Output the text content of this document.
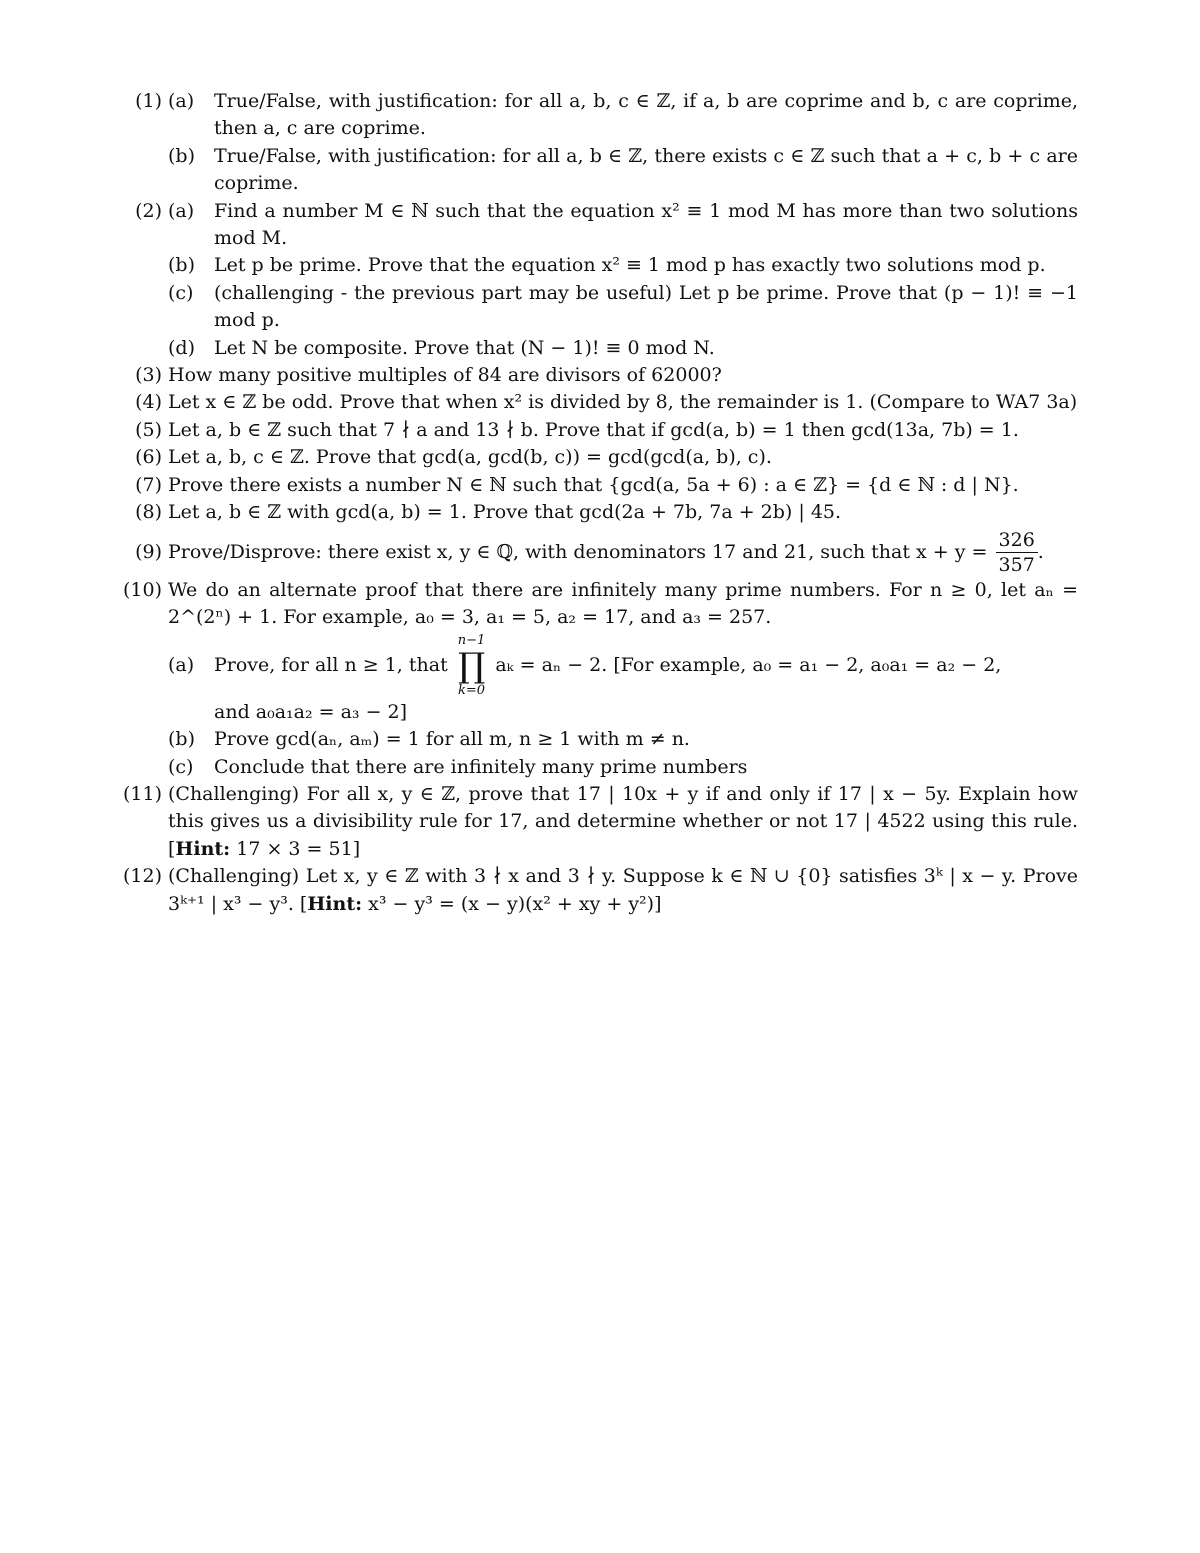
(1) (a) True/False, with justification: for all a, b, c ∈ ℤ, if a, b are coprime and b, c are coprime, then a, c are coprime.
(b) True/False, with justification: for all a, b ∈ ℤ, there exists c ∈ ℤ such that a + c, b + c are coprime.
(2) (a) Find a number M ∈ ℕ such that the equation x² ≡ 1 mod M has more than two solutions mod M.
(b) Let p be prime. Prove that the equation x² ≡ 1 mod p has exactly two solutions mod p.
(c) (challenging - the previous part may be useful) Let p be prime. Prove that (p − 1)! ≡ −1 mod p.
(d) Let N be composite. Prove that (N − 1)! ≡ 0 mod N.
(3) How many positive multiples of 84 are divisors of 62000?
(4) Let x ∈ ℤ be odd. Prove that when x² is divided by 8, the remainder is 1. (Compare to WA7 3a)
(5) Let a, b ∈ ℤ such that 7 ∤ a and 13 ∤ b. Prove that if gcd(a, b) = 1 then gcd(13a, 7b) = 1.
(6) Let a, b, c ∈ ℤ. Prove that gcd(a, gcd(b, c)) = gcd(gcd(a, b), c).
(7) Prove there exists a number N ∈ ℕ such that {gcd(a, 5a + 6) : a ∈ ℤ} = {d ∈ ℕ : d | N}.
(8) Let a, b ∈ ℤ with gcd(a, b) = 1. Prove that gcd(2a + 7b, 7a + 2b) | 45.
(9) Prove/Disprove: there exist x, y ∈ ℚ, with denominators 17 and 21, such that $x + y = \frac{326}{357}$ .
(10) We do an alternate proof that there are infinitely many prime numbers. For n ≥ 0, let aₙ = 2^(2ⁿ) + 1. For example, a₀ = 3, a₁ = 5, a₂ = 17, and a₃ = 257.
(a) Prove, for all n ≥ 1, that
n−1
∏
k=0
aₖ = aₙ − 2. [For example, a₀ = a₁ − 2, a₀a₁ = a₂ − 2,
and a₀a₁a₂ = a₃ − 2]
(b) Prove gcd(aₙ, aₘ) = 1 for all m, n ≥ 1 with m ≠ n.
(c) Conclude that there are infinitely many prime numbers
(11) (Challenging) For all x, y ∈ ℤ, prove that 17 | 10x + y if and only if 17 | x − 5y. Explain how this gives us a divisibility rule for 17, and determine whether or not 17 | 4522 using this rule. [Hint: 17 × 3 = 51]
(12) (Challenging) Let x, y ∈ ℤ with 3 ∤ x and 3 ∤ y. Suppose k ∈ ℕ ∪ {0} satisfies 3ᵏ | x − y. Prove 3ᵏ⁺¹ | x³ − y³. [Hint: x³ − y³ = (x − y)(x² + xy + y²)]
